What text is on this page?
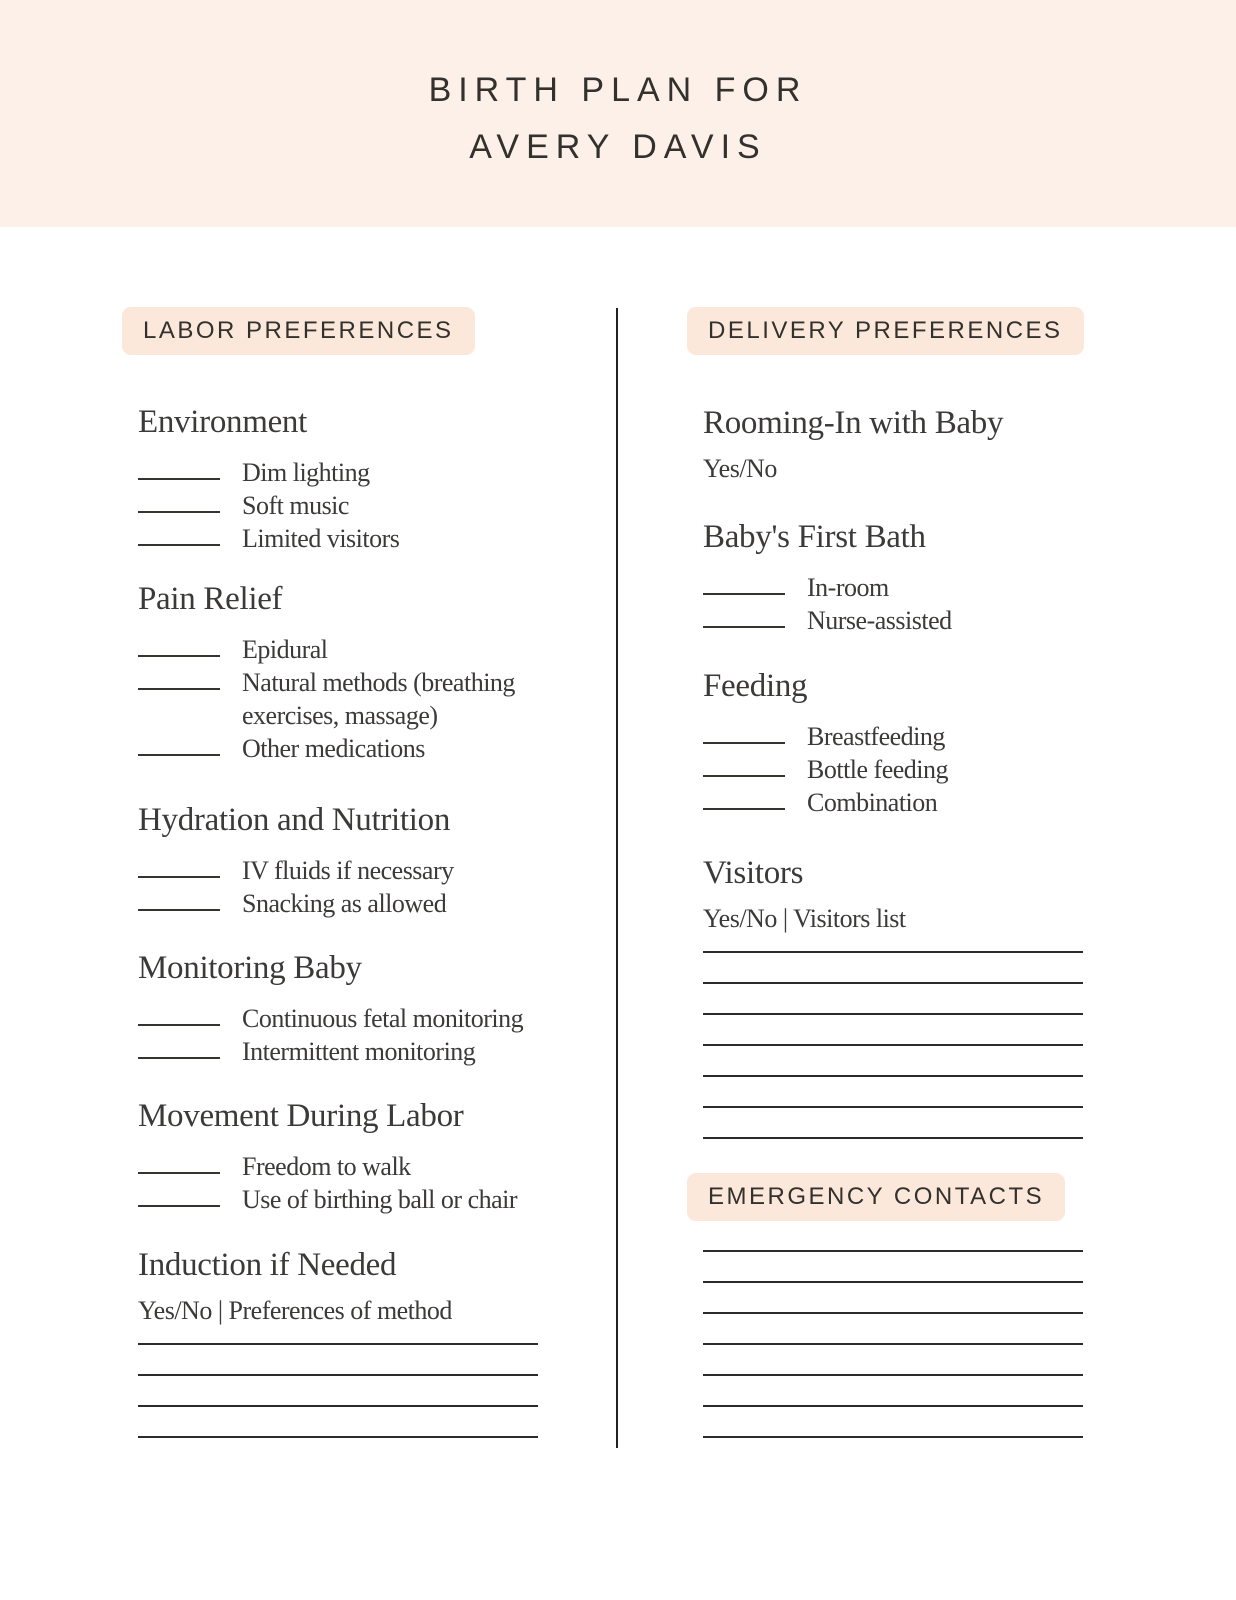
BIRTH PLAN FOR
AVERY DAVIS
LABOR PREFERENCES
Environment
Dim lighting
Soft music
Limited visitors
Pain Relief
Epidural
Natural methods (breathing exercises, massage)
Other medications
Hydration and Nutrition
IV fluids if necessary
Snacking as allowed
Monitoring Baby
Continuous fetal monitoring
Intermittent monitoring
Movement During Labor
Freedom to walk
Use of birthing ball or chair
Induction if Needed
Yes/No | Preferences of method
DELIVERY PREFERENCES
Rooming-In with Baby
Yes/No
Baby's First Bath
In-room
Nurse-assisted
Feeding
Breastfeeding
Bottle feeding
Combination
Visitors
Yes/No | Visitors list
EMERGENCY CONTACTS
